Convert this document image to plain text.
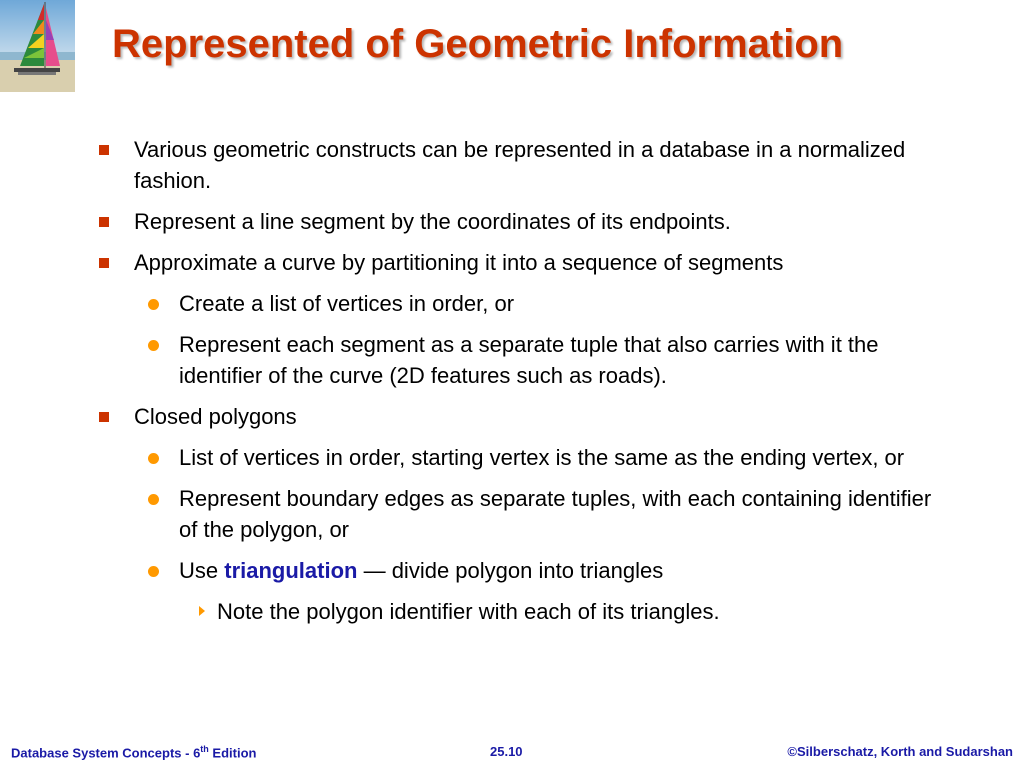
Represented of Geometric Information
Various geometric constructs can be represented in a database in a normalized fashion.
Represent a line segment by the coordinates of its endpoints.
Approximate a curve by partitioning it into a sequence of segments
Create a list of vertices in order, or
Represent each segment as a separate tuple that also carries with it the identifier of the curve (2D features such as roads).
Closed polygons
List of vertices in order, starting vertex is the same as the ending vertex, or
Represent boundary edges as separate tuples, with each containing identifier of the polygon, or
Use triangulation — divide polygon into triangles
Note the polygon identifier with each of its triangles.
Database System Concepts - 6th Edition	25.10	©Silberschatz, Korth and Sudarshan
